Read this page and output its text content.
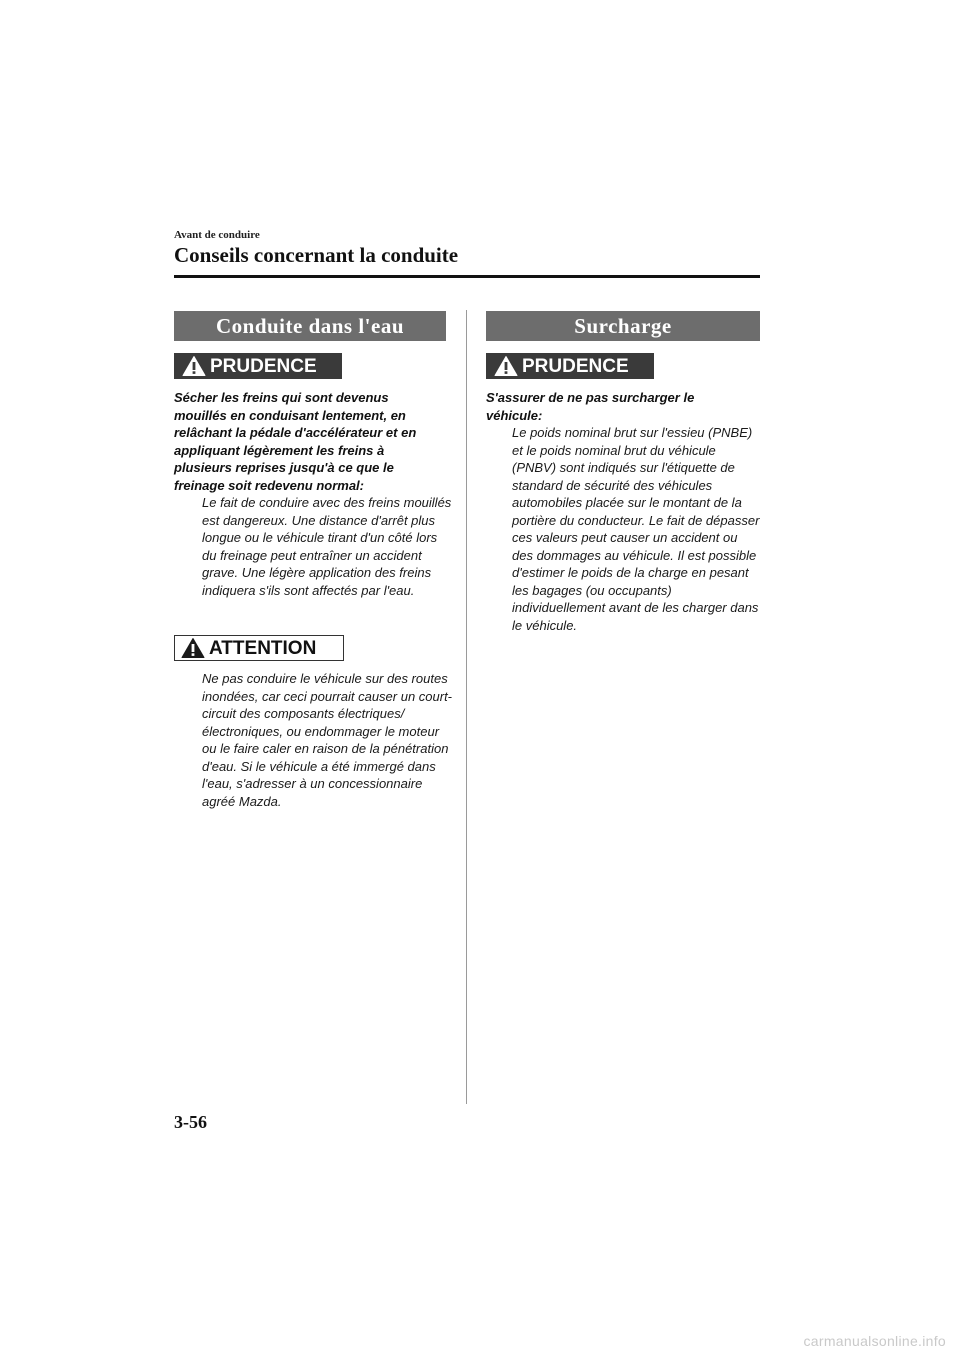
Avant de conduire
Conseils concernant la conduite
Conduite dans l'eau
PRUDENCE
Sécher les freins qui sont devenus mouillés en conduisant lentement, en relâchant la pédale d'accélérateur et en appliquant légèrement les freins à plusieurs reprises jusqu'à ce que le freinage soit redevenu normal:
Le fait de conduire avec des freins mouillés est dangereux. Une distance d'arrêt plus longue ou le véhicule tirant d'un côté lors du freinage peut entraîner un accident grave. Une légère application des freins indiquera s'ils sont affectés par l'eau.
ATTENTION
Ne pas conduire le véhicule sur des routes inondées, car ceci pourrait causer un court-circuit des composants électriques/électroniques, ou endommager le moteur ou le faire caler en raison de la pénétration d'eau. Si le véhicule a été immergé dans l'eau, s'adresser à un concessionnaire agréé Mazda.
Surcharge
PRUDENCE
S'assurer de ne pas surcharger le véhicule:
Le poids nominal brut sur l'essieu (PNBE) et le poids nominal brut du véhicule (PNBV) sont indiqués sur l'étiquette de standard de sécurité des véhicules automobiles placée sur le montant de la portière du conducteur. Le fait de dépasser ces valeurs peut causer un accident ou des dommages au véhicule. Il est possible d'estimer le poids de la charge en pesant les bagages (ou occupants) individuellement avant de les charger dans le véhicule.
3-56
carmanualsonline.info
